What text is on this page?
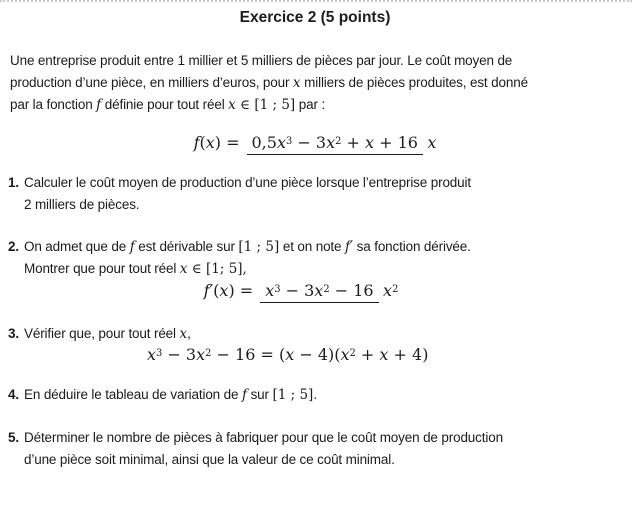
Exercice 2 (5 points)
Une entreprise produit entre 1 millier et 5 milliers de pièces par jour. Le coût moyen de
production d’une pièce, en milliers d’euros, pour x milliers de pièces produites, est donné
par la fonction f définie pour tout réel x ∈ [1 ; 5] par :
$f(x) = 0,5x^3 - 3x^2 + x + 16$ x
1. Calculer le coût moyen de production d’une pièce lorsque l’entreprise produit
2 milliers de pièces.
2. On admet que de f est dérivable sur [1 ; 5] et on note f′ sa fonction dérivée.
Montrer que pour tout réel x ∈ [1; 5],
$f'(x) = x^3 - 3x^2 - 16$ $x^2$
3. Vérifier que, pour tout réel x,
$x^3 - 3x^2 - 16 = (x - 4)(x^2 + x + 4)$
4. En déduire le tableau de variation de f sur [1 ; 5].
5. Déterminer le nombre de pièces à fabriquer pour que le coût moyen de production
d’une pièce soit minimal, ainsi que la valeur de ce coût minimal.
